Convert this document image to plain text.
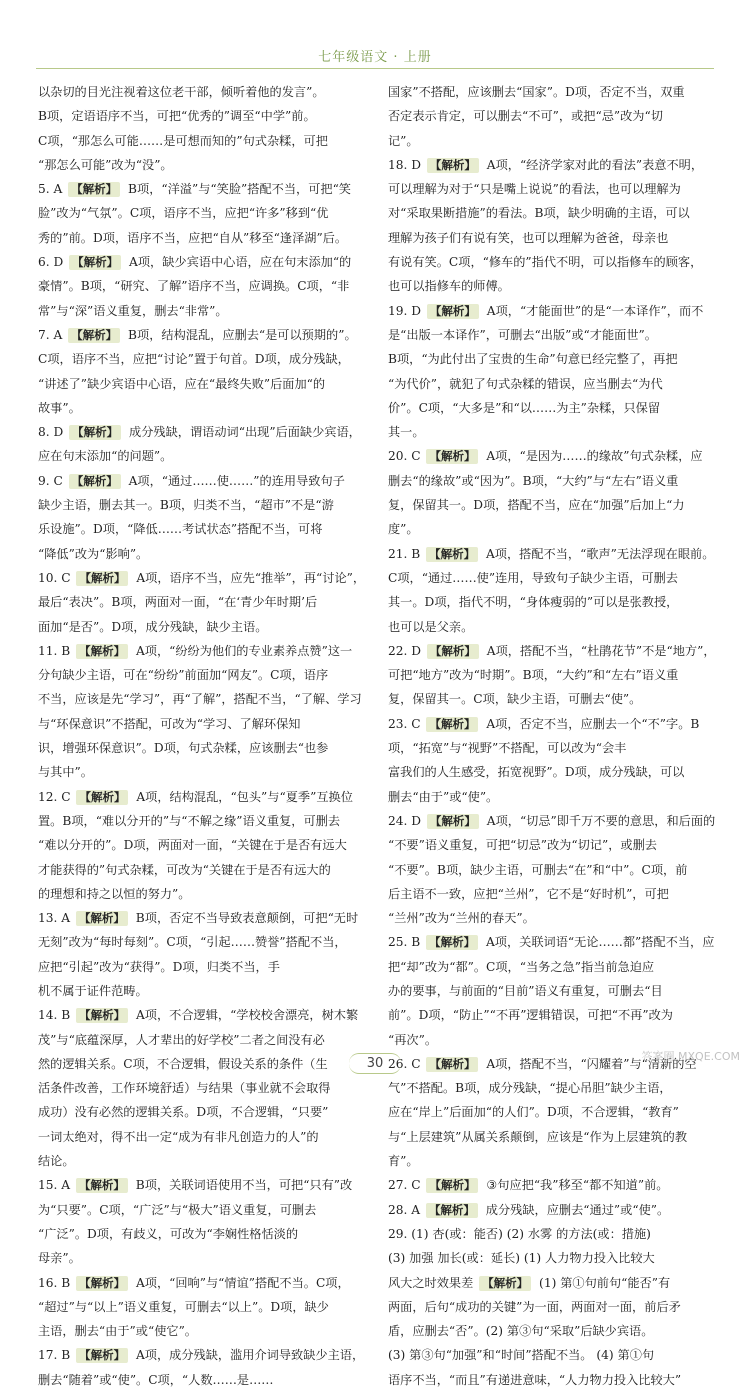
七年级语文 · 上册
以杂切的目光注视着这位老干部，倾听着他的发言”。
B项，定语语序不当，可把“优秀的”调至“中学”前。
C项，“那怎么可能……是可想而知的”句式杂糅，可把
“那怎么可能”改为“没”。
5. A 【解析】 B项，“洋溢”与“笑脸”搭配不当，可把“笑
脸”改为“气氛”。C项，语序不当，应把“许多”移到“优
秀的”前。D项，语序不当，应把“自从”移至“逢泽湖”后。
6. D 【解析】 A项，缺少宾语中心语，应在句末添加“的
豪情”。B项，“研究、了解”语序不当，应调换。C项，“非
常”与“深”语义重复，删去“非常”。
7. A 【解析】 B项，结构混乱，应删去“是可以预期的”。
C项，语序不当，应把“讨论”置于句首。D项，成分残缺，
“讲述了”缺少宾语中心语，应在“最终失败”后面加“的
故事”。
8. D 【解析】 成分残缺，谓语动词“出现”后面缺少宾语，
应在句末添加“的问题”。
9. C 【解析】 A项，“通过……使……”的连用导致句子
缺少主语，删去其一。B项，归类不当，“超市”不是“游
乐设施”。D项，“降低……考试状态”搭配不当，可将
“降低”改为“影响”。
10. C 【解析】 A项，语序不当，应先“推举”，再“讨论”，
最后“表决”。B项，两面对一面，“在‘青少年时期’后
面加“是否”。D项，成分残缺，缺少主语。
11. B 【解析】 A项，“纷纷为他们的专业素养点赞”这一
分句缺少主语，可在“纷纷”前面加“网友”。C项，语序
不当，应该是先“学习”，再“了解”，搭配不当，“了解、学习
与“环保意识”不搭配，可改为“学习、了解环保知
识，增强环保意识”。D项，句式杂糅，应该删去“也参
与其中”。
12. C 【解析】 A项，结构混乱，“包头”与“夏季”互换位
置。B项，“难以分开的”与“不解之缘”语义重复，可删去
“难以分开的”。D项，两面对一面，“关键在于是否有远大
才能获得的”句式杂糅，可改为“关键在于是否有远大的
的理想和持之以恒的努力”。
13. A 【解析】 B项，否定不当导致表意颠倒，可把“无时
无刻”改为“每时每刻”。C项，“引起……赞誉”搭配不当，
应把“引起”改为“获得”。D项，归类不当，手
机不属于证件范畴。
14. B 【解析】 A项，不合逻辑，“学校校舍漂亮，树木繁
茂”与“底蕴深厚，人才辈出的好学校”二者之间没有必
然的逻辑关系。C项，不合逻辑，假设关系的条件（生
活条件改善，工作环境舒适）与结果（事业就不会取得
成功）没有必然的逻辑关系。D项，不合逻辑，“只要”
一词太绝对，得不出一定“成为有非凡创造力的人”的
结论。
15. A 【解析】 B项，关联词语使用不当，可把“只有”改
为“只要”。C项，“广泛”与“极大”语义重复，可删去
“广泛”。D项，有歧义，可改为“李娴性格恬淡的
母亲”。
16. B 【解析】 A项，“回响”与“情谊”搭配不当。C项，
“超过”与“以上”语义重复，可删去“以上”。D项，缺少
主语，删去“由于”或“使它”。
17. B 【解析】 A项，成分残缺，滥用介词导致缺少主语，
删去“随着”或“使”。C项，“人数……是……
国家”不搭配，应该删去“国家”。D项，否定不当，双重
否定表示肯定，可以删去“不可”，或把“忌”改为“切
记”。
18. D 【解析】 A项，“经济学家对此的看法”表意不明，
可以理解为对于“只是嘴上说说”的看法，也可以理解为
对“采取果断措施”的看法。B项，缺少明确的主语，可以
理解为孩子们有说有笑，也可以理解为爸爸，母亲也
有说有笑。C项，“修车的”指代不明，可以指修车的顾客，
也可以指修车的师傅。
19. D 【解析】 A项，“才能面世”的是“一本译作”，而不
是“出版一本译作”，可删去“出版”或“才能面世”。
B项，“为此付出了宝贵的生命”句意已经完整了，再把
“为代价”，就犯了句式杂糅的错误，应当删去“为代
价”。C项，“大多是”和“以……为主”杂糅，只保留
其一。
20. C 【解析】 A项，“是因为……的缘故”句式杂糅，应
删去“的缘故”或“因为”。B项，“大约”与“左右”语义重
复，保留其一。D项，搭配不当，应在“加强”后加上“力
度”。
21. B 【解析】 A项，搭配不当，“歌声”无法浮现在眼前。
C项，“通过……使”连用，导致句子缺少主语，可删去
其一。D项，指代不明，“身体瘦弱的”可以是张教授，
也可以是父亲。
22. D 【解析】 A项，搭配不当，“杜鹃花节”不是“地方”，
可把“地方”改为“时期”。B项，“大约”和“左右”语义重
复，保留其一。C项，缺少主语，可删去“使”。
23. C 【解析】 A项，否定不当，应删去一个“不”字。B
项，“拓宽”与“视野”不搭配，可以改为“会丰
富我们的人生感受，拓宽视野”。D项，成分残缺，可以
删去“由于”或“使”。
24. D 【解析】 A项，“切忌”即千万不要的意思，和后面的
“不要”语义重复，可把“切忌”改为“切记”，或删去
“不要”。B项，缺少主语，可删去“在”和“中”。C项，前
后主语不一致，应把“兰州”，它不是“好时机”，可把
“兰州”改为“兰州的春天”。
25. B 【解析】 A项，关联词语“无论……都”搭配不当，应
把“却”改为“都”。C项，“当务之急”指当前急迫应
办的要事，与前面的“目前”语义有重复，可删去“目
前”。D项，“防止”“不再”逻辑错误，可把“不再”改为
“再次”。
26. C 【解析】 A项，搭配不当，“闪耀着”与“清新的空
气”不搭配。B项，成分残缺，“提心吊胆”缺少主语，
应在“岸上”后面加“的人们”。D项，不合逻辑，“教育”
与“上层建筑”从属关系颠倒，应该是“作为上层建筑的教
育”。
27. C 【解析】 ③句应把“我”移至“都不知道”前。
28. A 【解析】 成分残缺，应删去“通过”或“使”。
29. (1) 杏(或：能否) (2) 水雾 的方法(或：措施)
(3) 加强 加长(或：延长) (1) 人力物力投入比较大
风大之时效果差 【解析】 (1) 第①句前句“能否”有
两面，后句“成功的关键”为一面，两面对一面，前后矛
盾，应删去“否”。(2) 第③句“采取”后缺少宾语。
(3) 第③句“加强”和“时间”搭配不当。 (4) 第①句
语序不当，“而且”有递进意味，“人力物力投入比较大”
30	答案圈 MXQE.COM
